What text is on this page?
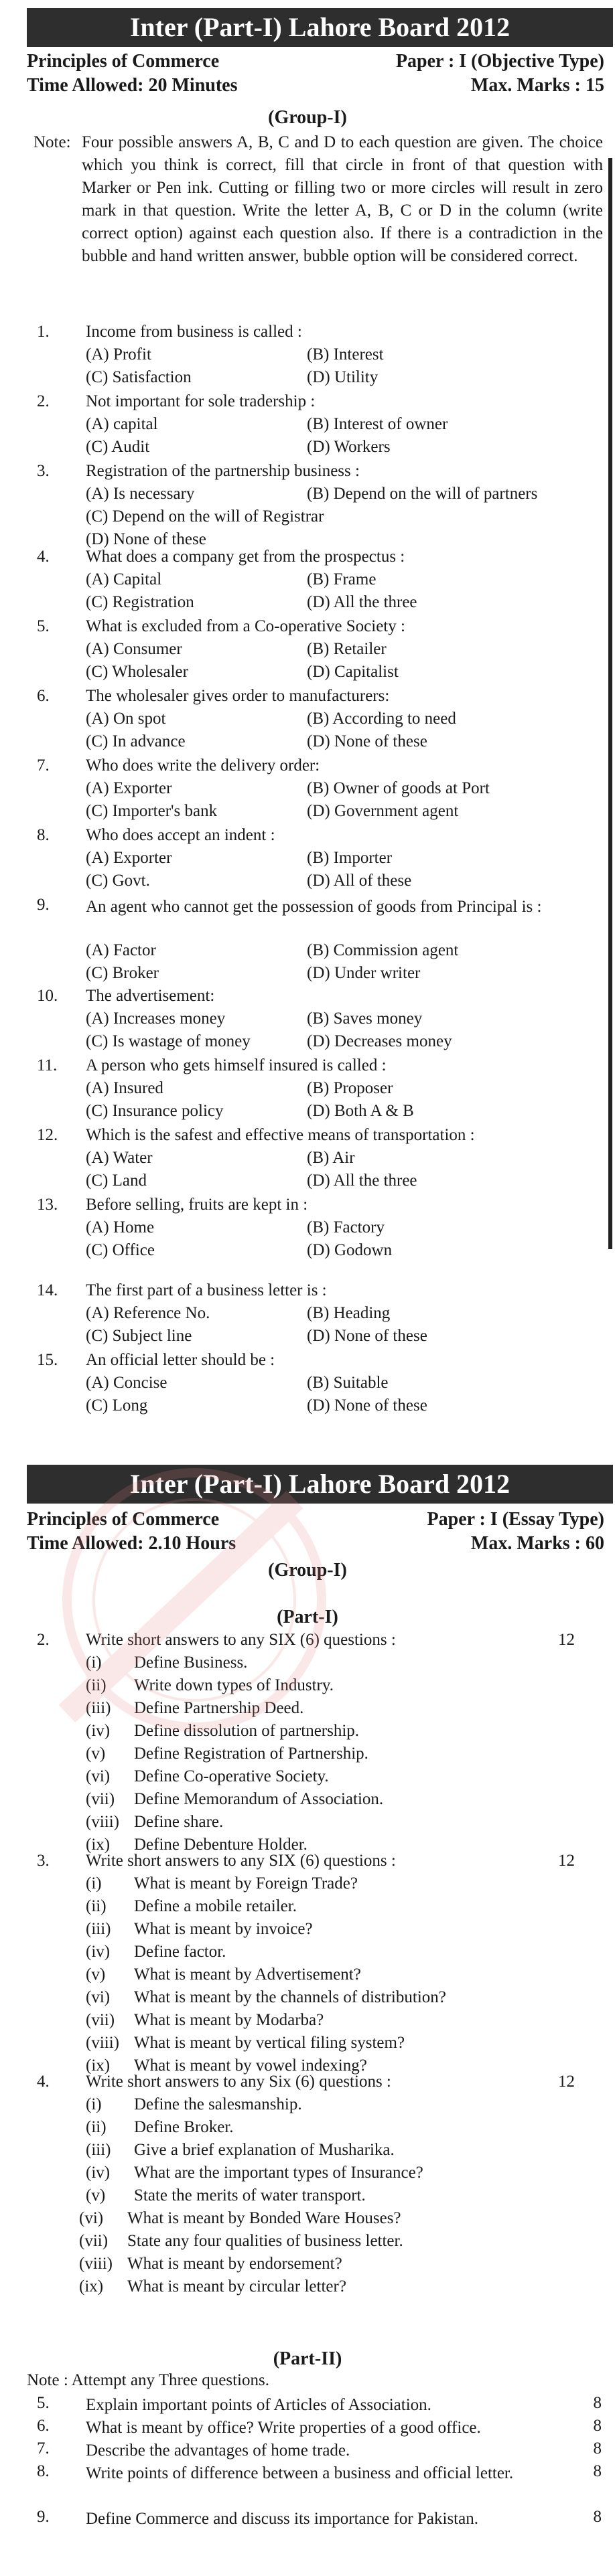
Inter (Part-I) Lahore Board 2012
Principles of Commerce	Paper : I (Objective Type)
Time Allowed: 20 Minutes	Max. Marks : 15
(Group-I)
Note: Four possible answers A, B, C and D to each question are given. The choice which you think is correct, fill that circle in front of that question with Marker or Pen ink. Cutting or filling two or more circles will result in zero mark in that question. Write the letter A, B, C or D in the column (write correct option) against each question also. If there is a contradiction in the bubble and hand written answer, bubble option will be considered correct.
1. Income from business is called :
(A) Profit	(B) Interest
(C) Satisfaction	(D) Utility
2. Not important for sole tradership :
(A) capital	(B) Interest of owner
(C) Audit	(D) Workers
3. Registration of the partnership business :
(A) Is necessary	(B) Depend on the will of partners
(C) Depend on the will of Registrar
(D) None of these
4. What does a company get from the prospectus :
(A) Capital	(B) Frame
(C) Registration	(D) All the three
5. What is excluded from a Co-operative Society :
(A) Consumer	(B) Retailer
(C) Wholesaler	(D) Capitalist
6. The wholesaler gives order to manufacturers:
(A) On spot	(B) According to need
(C) In advance	(D) None of these
7. Who does write the delivery order:
(A) Exporter	(B) Owner of goods at Port
(C) Importer's bank	(D) Government agent
8. Who does accept an indent :
(A) Exporter	(B) Importer
(C) Govt.	(D) All of these
9. An agent who cannot get the possession of goods from Principal is :
(A) Factor	(B) Commission agent
(C) Broker	(D) Under writer
10. The advertisement:
(A) Increases money	(B) Saves money
(C) Is wastage of money	(D) Decreases money
11. A person who gets himself insured is called :
(A) Insured	(B) Proposer
(C) Insurance policy	(D) Both A & B
12. Which is the safest and effective means of transportation :
(A) Water	(B) Air
(C) Land	(D) All the three
13. Before selling, fruits are kept in :
(A) Home	(B) Factory
(C) Office	(D) Godown
14. The first part of a business letter is :
(A) Reference No.	(B) Heading
(C) Subject line	(D) None of these
15. An official letter should be :
(A) Concise	(B) Suitable
(C) Long	(D) None of these
Inter (Part-I) Lahore Board 2012
Principles of Commerce	Paper : I (Essay Type)
Time Allowed: 2.10 Hours	Max. Marks : 60
(Group-I)
(Part-I)
2. Write short answers to any SIX (6) questions :	12
(i) Define Business.
(ii) Write down types of Industry.
(iii) Define Partnership Deed.
(iv) Define dissolution of partnership.
(v) Define Registration of Partnership.
(vi) Define Co-operative Society.
(vii) Define Memorandum of Association.
(viii) Define share.
(ix) Define Debenture Holder.
3. Write short answers to any SIX (6) questions :	12
(i) What is meant by Foreign Trade?
(ii) Define a mobile retailer.
(iii) What is meant by invoice?
(iv) Define factor.
(v) What is meant by Advertisement?
(vi) What is meant by the channels of distribution?
(vii) What is meant by Modarba?
(viii) What is meant by vertical filing system?
(ix) What is meant by vowel indexing?
4. Write short answers to any Six (6) questions :	12
(i) Define the salesmanship.
(ii) Define Broker.
(iii) Give a brief explanation of Musharika.
(iv) What are the important types of Insurance?
(v) State the merits of water transport.
(vi) What is meant by Bonded Ware Houses?
(vii) State any four qualities of business letter.
(viii) What is meant by endorsement?
(ix) What is meant by circular letter?
(Part-II)
Note : Attempt any Three questions.
5. Explain important points of Articles of Association.	8
6. What is meant by office? Write properties of a good office.	8
7. Describe the advantages of home trade.	8
8. Write points of difference between a business and official letter.	8
9. Define Commerce and discuss its importance for Pakistan.	8
